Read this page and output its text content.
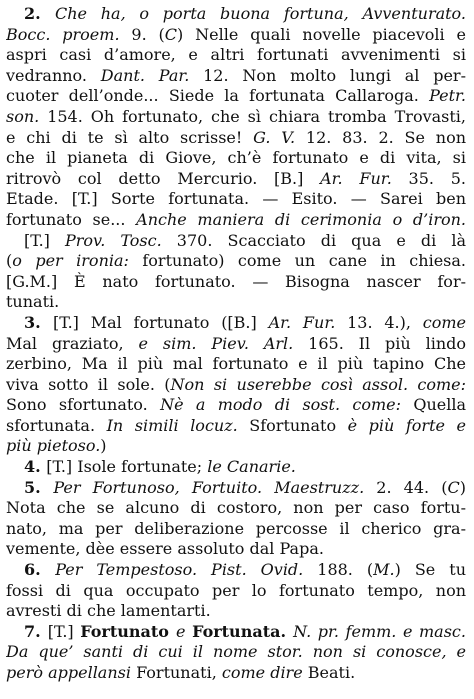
2. Che ha, o porta buona fortuna, Avventurato.
Bocc. proem. 9. (C) Nelle quali novelle piacevoli e
aspri casi d’amore, e altri fortunati avvenimenti si
vedranno. Dant. Par. 12. Non molto lungi al per-
cuoter dell’onde... Siede la fortunata Callaroga. Petr.
son. 154. Oh fortunato, che sì chiara tromba Trovasti,
e chi di te sì alto scrisse! G. V. 12. 83. 2. Se non
che il pianeta di Giove, ch’è fortunato e di vita, si
ritrovò col detto Mercurio. [B.] Ar. Fur. 35. 5.
Etade. [T.] Sorte fortunata. — Esito. — Sarei ben
fortunato se... Anche maniera di cerimonia o d’iron.
[T.] Prov. Tosc. 370. Scacciato di qua e di là
(o per ironia: fortunato) come un cane in chiesa.
[G.M.] È nato fortunato. — Bisogna nascer for-
tunati.
3. [T.] Mal fortunato ([B.] Ar. Fur. 13. 4.), come
Mal graziato, e sim. Piev. Arl. 165. Il più lindo
zerbino, Ma il più mal fortunato e il più tapino Che
viva sotto il sole. (Non si userebbe così assol. come:
Sono sfortunato. Nè a modo di sost. come: Quella
sfortunata. In simili locuz. Sfortunato è più forte e
più pietoso.)
4. [T.] Isole fortunate; le Canarie.
5. Per Fortunoso, Fortuito. Maestruzz. 2. 44. (C)
Nota che se alcuno di costoro, non per caso fortu-
nato, ma per deliberazione percosse il cherico gra-
vemente, dèe essere assoluto dal Papa.
6. Per Tempestoso. Pist. Ovid. 188. (M.) Se tu
fossi di qua occupato per lo fortunato tempo, non
avresti di che lamentarti.
7. [T.] Fortunato e Fortunata. N. pr. femm. e masc.
Da que’ santi di cui il nome stor. non si conosce, e
però appellansi Fortunati, come dire Beati.
